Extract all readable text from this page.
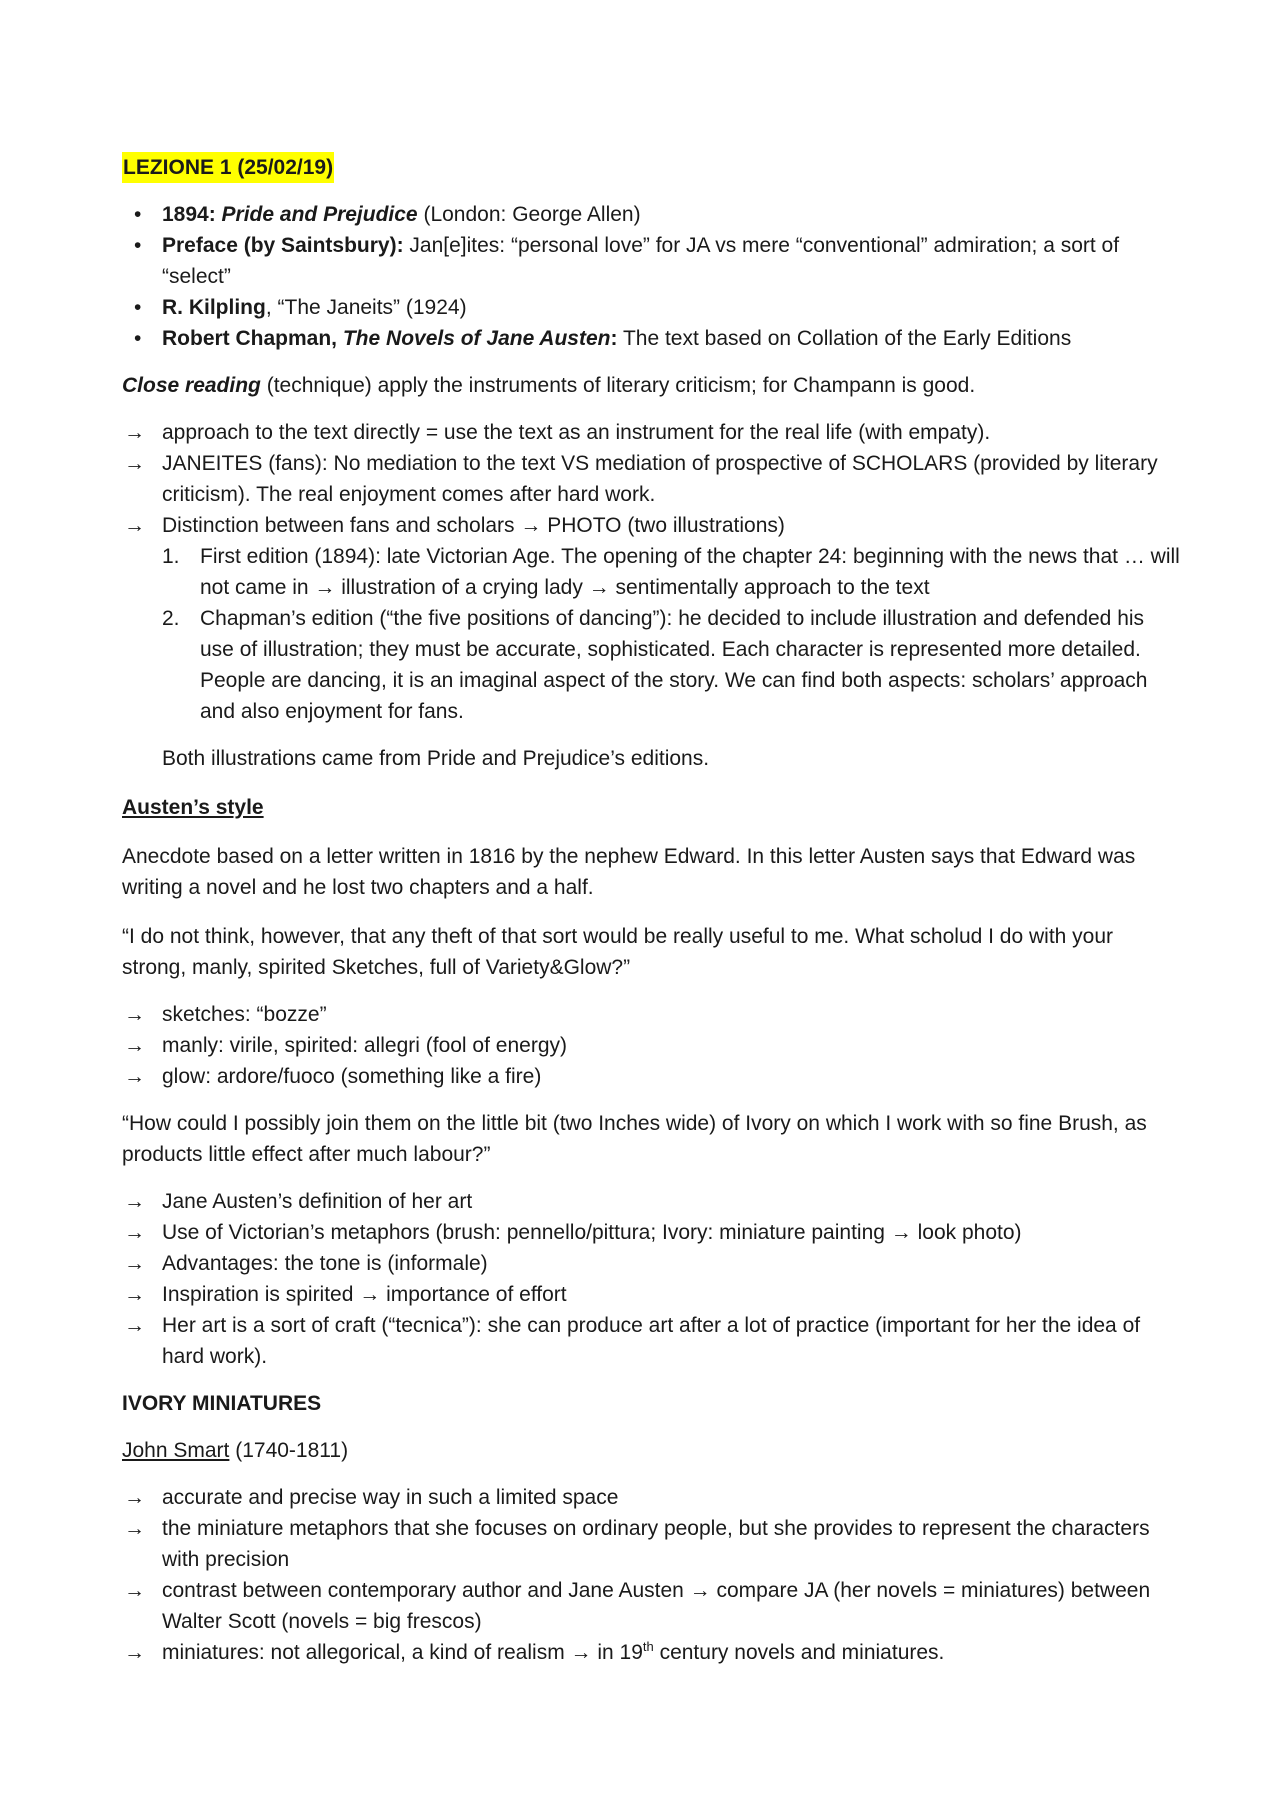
LEZIONE 1 (25/02/19)

• 1894: Pride and Prejudice (London: George Allen)
• Preface (by Saintsbury): Jan[e]ites: “personal love” for JA vs mere “conventional” admiration; a sort of “select”
• R. Kilpling, “The Janeits” (1924)
• Robert Chapman, The Novels of Jane Austen: The text based on Collation of the Early Editions

Close reading (technique) apply the instruments of literary criticism; for Champann is good.

→ approach to the text directly = use the text as an instrument for the real life (with empaty).
→ JANEITES (fans): No mediation to the text VS mediation of prospective of SCHOLARS (provided by literary criticism). The real enjoyment comes after hard work.
→ Distinction between fans and scholars → PHOTO (two illustrations)
1. First edition (1894): late Victorian Age. The opening of the chapter 24: beginning with the news that … will not came in → illustration of a crying lady → sentimentally approach to the text
2. Chapman’s edition (“the five positions of dancing”): he decided to include illustration and defended his use of illustration; they must be accurate, sophisticated. Each character is represented more detailed. People are dancing, it is an imaginal aspect of the story. We can find both aspects: scholars’ approach and also enjoyment for fans.

Both illustrations came from Pride and Prejudice’s editions.

Austen’s style

Anecdote based on a letter written in 1816 by the nephew Edward. In this letter Austen says that Edward was writing a novel and he lost two chapters and a half.

“I do not think, however, that any theft of that sort would be really useful to me. What scholud I do with your strong, manly, spirited Sketches, full of Variety&Glow?”

→ sketches: “bozze”
→ manly: virile, spirited: allegri (fool of energy)
→ glow: ardore/fuoco (something like a fire)

“How could I possibly join them on the little bit (two Inches wide) of Ivory on which I work with so fine Brush, as products little effect after much labour?”

→ Jane Austen’s definition of her art
→ Use of Victorian’s metaphors (brush: pennello/pittura; Ivory: miniature painting → look photo)
→ Advantages: the tone is (informale)
→ Inspiration is spirited → importance of effort
→ Her art is a sort of craft (“tecnica”): she can produce art after a lot of practice (important for her the idea of hard work).

IVORY MINIATURES

John Smart (1740-1811)

→ accurate and precise way in such a limited space
→ the miniature metaphors that she focuses on ordinary people, but she provides to represent the characters with precision
→ contrast between contemporary author and Jane Austen → compare JA (her novels = miniatures) between Walter Scott (novels = big frescos)
→ miniatures: not allegorical, a kind of realism → in 19th century novels and miniatures.
